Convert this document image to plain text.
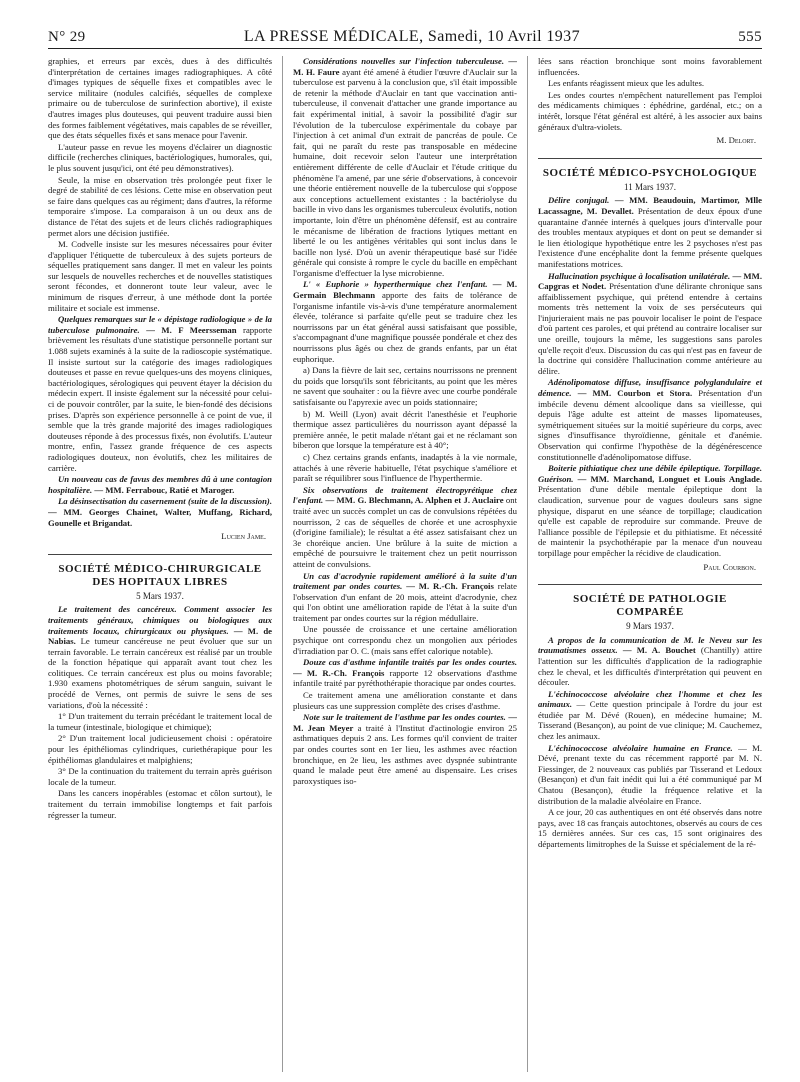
N° 29	LA PRESSE MÉDICALE, Samedi, 10 Avril 1937	555

graphies, et erreurs par excès, dues à des difficultés d'interprétation de certaines images radiographiques. A côté d'images typiques de séquelle fixes et compatibles avec le service militaire (nodules calcifiés, séquelles de complexe primaire ou de tuberculose de surinfection abortive), il existe d'autres images plus douteuses, qui peuvent traduire aussi bien des formes faiblement végétatives, mais capables de se réveiller, que des états séquelles fixés et sans menace pour l'avenir.

L'auteur passe en revue les moyens d'éclairer un diagnostic difficile (recherches cliniques, bactériologiques, humorales, qui, le plus souvent jusqu'ici, ont été peu démonstratives).

Seule, la mise en observation très prolongée peut fixer le degré de stabilité de ces lésions. Cette mise en observation peut se faire dans quelques cas au régiment; dans d'autres, la réforme temporaire s'impose. La comparaison à un ou deux ans de distance de l'état des sujets et de leurs clichés radiographiques permet alors une décision justifiée.

M. Codvelle insiste sur les mesures nécessaires pour éviter d'appliquer l'étiquette de tuberculeux à des sujets porteurs de séquelles pratiquement sans danger. Il met en valeur les points sur lesquels de nouvelles recherches et de nouvelles statistiques seront fécondes, et donneront toute leur valeur, avec le minimum de risques d'erreur, à une méthode dont la portée militaire et sociale est immense.

Quelques remarques sur le « dépistage radiologique » de la tuberculose pulmonaire. — M. F Meersseman rapporte brièvement les résultats d'une statistique personnelle portant sur 1.088 sujets examinés à la suite de la radioscopie systématique. Il insiste surtout sur la catégorie des images radiologiques douteuses et passe en revue quelques-uns des moyens cliniques, bactériologiques, sérologiques qui peuvent étayer la décision du médecin expert. Il insiste également sur la nécessité pour celui-ci de pouvoir contrôler, par la suite, le bien-fondé des décisions prises. D'après son expérience personnelle à ce point de vue, il semble que la très grande majorité des images radiologiques douteuses réponde à des processus fixés, non évolutifs. L'auteur montre, enfin, l'assez grande fréquence de ces aspects radiologiques douteux, non évolutifs, chez les militaires de carrière.

Un nouveau cas de favus des membres dû à une contagion hospitalière. — MM. Ferrabouc, Ratié et Maroger.

La désinsectisation du casernement (suite de la discussion). — MM. Georges Chainet, Walter, Muffang, Richard, Gounelle et Brigandat.

Lucien Jame.

SOCIÉTÉ MÉDICO-CHIRURGICALE DES HOPITAUX LIBRES
5 Mars 1937.

Le traitement des cancéreux. Comment associer les traitements généraux, chimiques ou biologiques aux traitements locaux, chirurgicaux ou physiques. — M. de Nabias. Le tumeur cancéreuse ne peut évoluer que sur un terrain favorable. Le terrain cancéreux est réalisé par un trouble de la fonction hépatique qui apparaît avant tout chez les colitiques. Ce terrain cancéreux est plus ou moins favorable; 1.930 examens photométriques de sérum sanguin, suivant le procédé de Vernes, ont permis de suivre le sens de ses variations, d'où la nécessité :

1° D'un traitement du terrain précédant le traitement local de la tumeur (intestinale, biologique et chimique);

2° D'un traitement local judicieusement choisi : opératoire pour les épithéliomas cylindriques, curiethérapique pour les épithéliomas glandulaires et malpighiens;

3° De la continuation du traitement du terrain après guérison locale de la tumeur.

Dans les cancers inopérables (estomac et côlon surtout), le traitement du terrain immobilise longtemps et fait parfois régresser la tumeur.

Considérations nouvelles sur l'infection tuberculeuse. — M. H. Faure ayant été amené à étudier l'œuvre d'Auclair sur la tuberculose est parvenu à la conclusion que, s'il était impossible de retenir la méthode d'Auclair en tant que vaccination anti-tuberculeuse, il convenait d'attacher une grande importance au fait expérimental initial, à savoir la possibilité d'agir sur l'évolution de la tuberculose expérimentale du cobaye par l'injection à cet animal d'un extrait de pancréas de poule. Ce fait, qui ne paraît du reste pas transposable en médecine humaine, doit recevoir selon l'auteur une interprétation entièrement différente de celle d'Auclair et l'étude critique du phénomène l'a amené, par une série d'observations, à concevoir une théorie entièrement nouvelle de la tuberculose qui s'oppose aux conceptions actuellement existantes : la bactériolyse du bacille in vivo dans les organismes tuberculeux évolutifs, notion importante, loin d'être un phénomène défensif, est au contraire le mécanisme de libération de fractions lytiques mettant en liberté le ou les antigènes véritables qui sont inclus dans le bacille non lysé. D'où un avenir thérapeutique basé sur l'idée générale qui consiste à rompre le cycle du bacille en empêchant l'organisme d'effectuer la lyse microbienne.

L' « Euphorie » hyperthermique chez l'enfant. — M. Germain Blechmann apporte des faits de tolérance de l'organisme infantile vis-à-vis d'une température anormalement élevée, tolérance si parfaite qu'elle peut se traduire chez les nourrissons par un état général aussi satisfaisant que possible, s'accompagnant d'une magnifique poussée pondérale et chez des nourrissons plus âgés ou chez de grands enfants, par un état euphorique.

a) Dans la fièvre de lait sec, certains nourrissons ne prennent du poids que lorsqu'ils sont fébricitants, au point que les mères ne savent que souhaiter : ou la fièvre avec une courbe pondérale satisfaisante ou l'apyrexie avec un poids stationnaire;

b) M. Weill (Lyon) avait décrit l'anesthésie et l'euphorie thermique assez particulières du nourrisson ayant dépassé la première année, le petit malade n'étant gai et ne réclamant son biberon que lorsque la température est à 40°;

c) Chez certains grands enfants, inadaptés à la vie normale, attachés à une rêverie habituelle, l'état psychique s'améliore et paraît se réquilibrer sous l'influence de l'hyperthermie.

Six observations de traitement électropyrétique chez l'enfant. — MM. G. Blechmann, A. Alphen et J. Auclaire ont traité avec un succès complet un cas de convulsions répétées du nourrisson, 2 cas de séquelles de chorée et une acrosphyxie (d'origine familiale); le résultat a été assez satisfaisant chez un 3e choréique ancien. Une brûlure à la suite de miction a empêché de poursuivre le traitement chez un petit nourrisson atteint de convulsions.

Un cas d'acrodynie rapidement amélioré à la suite d'un traitement par ondes courtes. — M. R.-Ch. François relate l'observation d'un enfant de 20 mois, atteint d'acrodynie, chez qui l'on obtint une amélioration rapide de l'état à la suite d'un traitement par ondes courtes sur la région médullaire.

Une poussée de croissance et une certaine amélioration psychique ont correspondu chez un mongolien aux périodes d'irradiation par O. C. (mais sans effet calorique notable).

Douze cas d'asthme infantile traités par les ondes courtes. — M. R.-Ch. François rapporte 12 observations d'asthme infantile traité par pyréthothérapie thoracique par ondes courtes.

Ce traitement amena une amélioration constante et dans plusieurs cas une suppression complète des crises d'asthme.

Note sur le traitement de l'asthme par les ondes courtes. — M. Jean Meyer a traité à l'Institut d'actinologie environ 25 asthmatiques depuis 2 ans. Les formes qu'il convient de traiter par ondes courtes sont en 1er lieu, les asthmes avec réaction bronchique, en 2e lieu, les asthmes avec dyspnée subintrante quand le malade peut être amené au dispensaire. Les crises paroxystiques iso-

lées sans réaction bronchique sont moins favorablement influencées.

Les enfants réagissent mieux que les adultes.

Les ondes courtes n'empêchent naturellement pas l'emploi des médicaments chimiques : éphédrine, gardénal, etc.; on a intérêt, lorsque l'état général est altéré, à les associer aux bains généraux d'ultra-violets.

M. Delort.

SOCIÉTÉ MÉDICO-PSYCHOLOGIQUE
11 Mars 1937.

Délire conjugal. — MM. Beaudouin, Martimor, Mlle Lacassagne, M. Devallet. Présentation de deux époux d'une quarantaine d'année internés à quelques jours d'intervalle pour des troubles mentaux atypiques et dont on peut se demander si le lien étiologique hypothétique entre les 2 psychoses n'est pas l'existence d'une encéphalite dont la femme présente quelques manifestations motrices.

Hallucination psychique à localisation unilatérale. — MM. Capgras et Nodet. Présentation d'une délirante chronique sans affaiblissement psychique, qui prétend entendre à certains moments très nettement la voix de ses persécuteurs qui l'injurieraient mais ne pas pouvoir localiser le point de l'espace d'où partent ces paroles, et qui prétend au contraire localiser sur une oreille, toujours la même, les suggestions sans paroles qu'elle reçoit d'eux. Discussion du cas qui n'est pas en faveur de la doctrine qui considère l'hallucination comme antérieure au délire.

Adénolipomatose diffuse, insuffisance polyglandulaire et démence. — MM. Courbon et Stora. Présentation d'un imbécile devenu dément alcoolique dans sa vieillesse, qui depuis l'âge adulte est atteint de masses lipomateuses, symétriquement situées sur la moitié supérieure du corps, avec signes d'insuffisance thyroïdienne, génitale et d'anémie. Observation qui confirme l'hypothèse de la dégénérescence constitutionnelle d'adénolipomatose diffuse.

Boiterie pithiatique chez une débile épileptique. Torpillage. Guérison. — MM. Marchand, Longuet et Louis Anglade. Présentation d'une débile mentale épileptique dont la claudication, survenue pour de vagues douleurs sans signe physique, disparut en une séance de torpillage; claudication qu'elle est capable de reproduire sur commande. Preuve de l'alliance possible de l'épilepsie et du pithiatisme. Et nécessité de maintenir la psychothérapie par la menace d'un nouveau torpillage pour empêcher la récidive de claudication.

Paul Courbon.

SOCIÉTÉ DE PATHOLOGIE COMPARÉE
9 Mars 1937.

A propos de la communication de M. le Neveu sur les traumatismes osseux. — M. A. Bouchet (Chantilly) attire l'attention sur les difficultés d'application de la radiographie chez le cheval, et les difficultés d'interprétation qui peuvent en découler.

L'échinococcose alvéolaire chez l'homme et chez les animaux. — Cette question principale à l'ordre du jour est étudiée par M. Dévé (Rouen), en médecine humaine; M. Tisserand (Besançon), au point de vue clinique; M. Cauchemez, chez les animaux.

L'échinococcose alvéolaire humaine en France. — M. Dévé, prenant texte du cas récemment rapporté par M. N. Fiessinger, de 2 nouveaux cas publiés par Tisserand et Ledoux (Besançon) et d'un fait inédit qui lui a été communiqué par M Chatou (Besançon), étudie la fréquence relative et la distribution de la maladie alvéolaire en France.

A ce jour, 20 cas authentiques en ont été observés dans notre pays, avec 18 cas français autochtones, observés au cours de ces 15 dernières années. Sur ces cas, 15 sont originaires des départements limitrophes de la Suisse et spécialement de la ré-
